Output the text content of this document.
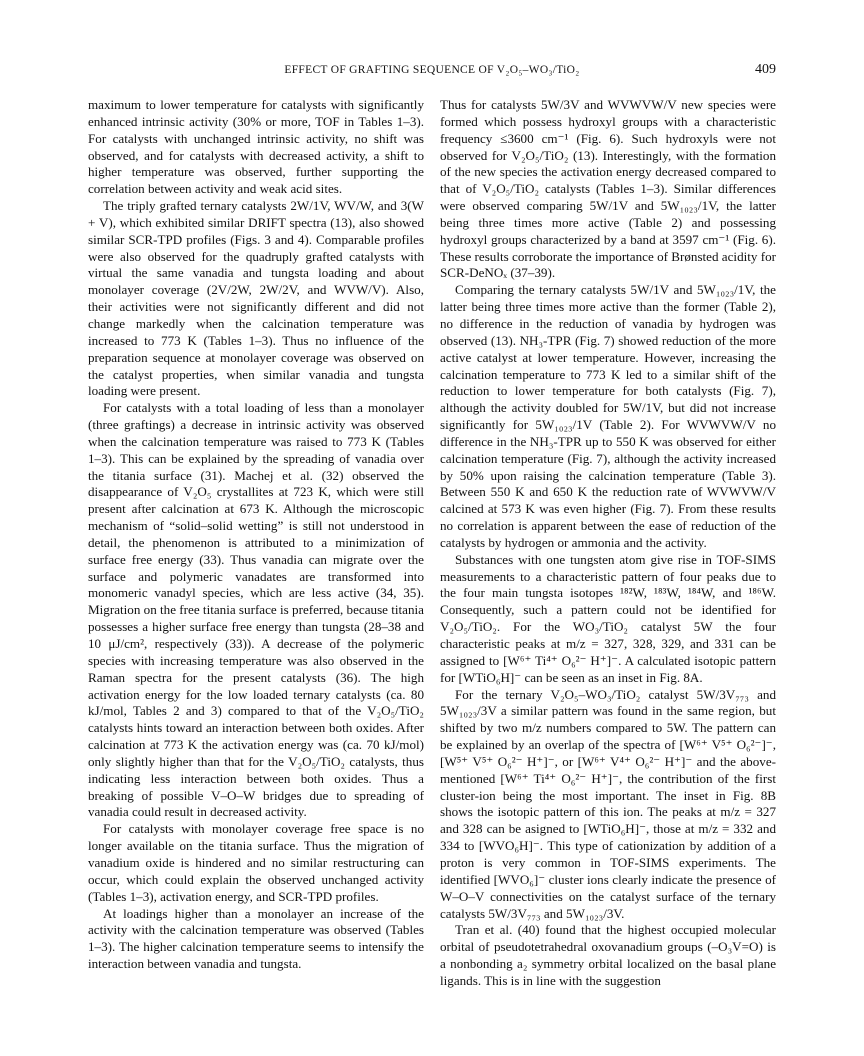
EFFECT OF GRAFTING SEQUENCE OF V₂O₅–WO₃/TiO₂	409

maximum to lower temperature for catalysts with significantly enhanced intrinsic activity (30% or more, TOF in Tables 1–3). For catalysts with unchanged intrinsic activity, no shift was observed, and for catalysts with decreased activity, a shift to higher temperature was observed, further supporting the correlation between activity and weak acid sites.

The triply grafted ternary catalysts 2W/1V, WV/W, and 3(W + V), which exhibited similar DRIFT spectra (13), also showed similar SCR-TPD profiles (Figs. 3 and 4). Comparable profiles were also observed for the quadruply grafted catalysts with virtual the same vanadia and tungsta loading and about monolayer coverage (2V/2W, 2W/2V, and WVW/V). Also, their activities were not significantly different and did not change markedly when the calcination temperature was increased to 773 K (Tables 1–3). Thus no influence of the preparation sequence at monolayer coverage was observed on the catalyst properties, when similar vanadia and tungsta loading were present.

For catalysts with a total loading of less than a monolayer (three graftings) a decrease in intrinsic activity was observed when the calcination temperature was raised to 773 K (Tables 1–3). This can be explained by the spreading of vanadia over the titania surface (31). Machej et al. (32) observed the disappearance of V₂O₅ crystallites at 723 K, which were still present after calcination at 673 K. Although the microscopic mechanism of “solid–solid wetting” is still not understood in detail, the phenomenon is attributed to a minimization of surface free energy (33). Thus vanadia can migrate over the surface and polymeric vanadates are transformed into monomeric vanadyl species, which are less active (34, 35). Migration on the free titania surface is preferred, because titania possesses a higher surface free energy than tungsta (28–38 and 10 μJ/cm², respectively (33)). A decrease of the polymeric species with increasing temperature was also observed in the Raman spectra for the present catalysts (36). The high activation energy for the low loaded ternary catalysts (ca. 80 kJ/mol, Tables 2 and 3) compared to that of the V₂O₅/TiO₂ catalysts hints toward an interaction between both oxides. After calcination at 773 K the activation energy was (ca. 70 kJ/mol) only slightly higher than that for the V₂O₅/TiO₂ catalysts, thus indicating less interaction between both oxides. Thus a breaking of possible V–O–W bridges due to spreading of vanadia could result in decreased activity.

For catalysts with monolayer coverage free space is no longer available on the titania surface. Thus the migration of vanadium oxide is hindered and no similar restructuring can occur, which could explain the observed unchanged activity (Tables 1–3), activation energy, and SCR-TPD profiles.

At loadings higher than a monolayer an increase of the activity with the calcination temperature was observed (Tables 1–3). The higher calcination temperature seems to intensify the interaction between vanadia and tungsta.

Thus for catalysts 5W/3V and WVWVW/V new species were formed which possess hydroxyl groups with a characteristic frequency ≤3600 cm⁻¹ (Fig. 6). Such hydroxyls were not observed for V₂O₅/TiO₂ (13). Interestingly, with the formation of the new species the activation energy decreased compared to that of V₂O₅/TiO₂ catalysts (Tables 1–3). Similar differences were observed comparing 5W/1V and 5W₁₀₂₃/1V, the latter being three times more active (Table 2) and possessing hydroxyl groups characterized by a band at 3597 cm⁻¹ (Fig. 6). These results corroborate the importance of Brønsted acidity for SCR-DeNOₓ (37–39).

Comparing the ternary catalysts 5W/1V and 5W₁₀₂₃/1V, the latter being three times more active than the former (Table 2), no difference in the reduction of vanadia by hydrogen was observed (13). NH₃-TPR (Fig. 7) showed reduction of the more active catalyst at lower temperature. However, increasing the calcination temperature to 773 K led to a similar shift of the reduction to lower temperature for both catalysts (Fig. 7), although the activity doubled for 5W/1V, but did not increase significantly for 5W₁₀₂₃/1V (Table 2). For WVWVW/V no difference in the NH₃-TPR up to 550 K was observed for either calcination temperature (Fig. 7), although the activity increased by 50% upon raising the calcination temperature (Table 3). Between 550 K and 650 K the reduction rate of WVWVW/V calcined at 573 K was even higher (Fig. 7). From these results no correlation is apparent between the ease of reduction of the catalysts by hydrogen or ammonia and the activity.

Substances with one tungsten atom give rise in TOF-SIMS measurements to a characteristic pattern of four peaks due to the four main tungsta isotopes ¹⁸²W, ¹⁸³W, ¹⁸⁴W, and ¹⁸⁶W. Consequently, such a pattern could not be identified for V₂O₅/TiO₂. For the WO₃/TiO₂ catalyst 5W the four characteristic peaks at m/z = 327, 328, 329, and 331 can be assigned to [W⁶⁺ Ti⁴⁺ O₆²⁻ H⁺]⁻. A calculated isotopic pattern for [WTiO₆H]⁻ can be seen as an inset in Fig. 8A.

For the ternary V₂O₅–WO₃/TiO₂ catalyst 5W/3V₇₇₃ and 5W₁₀₂₃/3V a similar pattern was found in the same region, but shifted by two m/z numbers compared to 5W. The pattern can be explained by an overlap of the spectra of [W⁶⁺ V⁵⁺ O₆²⁻]⁻, [W⁵⁺ V⁵⁺ O₆²⁻ H⁺]⁻, or [W⁶⁺ V⁴⁺ O₆²⁻ H⁺]⁻ and the above-mentioned [W⁶⁺ Ti⁴⁺ O₆²⁻ H⁺]⁻, the contribution of the first cluster-ion being the most important. The inset in Fig. 8B shows the isotopic pattern of this ion. The peaks at m/z = 327 and 328 can be asigned to [WTiO₆H]⁻, those at m/z = 332 and 334 to [WVO₆H]⁻. This type of cationization by addition of a proton is very common in TOF-SIMS experiments. The identified [WVO₆]⁻ cluster ions clearly indicate the presence of W–O–V connectivities on the catalyst surface of the ternary catalysts 5W/3V₇₇₃ and 5W₁₀₂₃/3V.

Tran et al. (40) found that the highest occupied molecular orbital of pseudotetrahedral oxovanadium groups (–O₃V=O) is a nonbonding a₂ symmetry orbital localized on the basal plane ligands. This is in line with the suggestion
